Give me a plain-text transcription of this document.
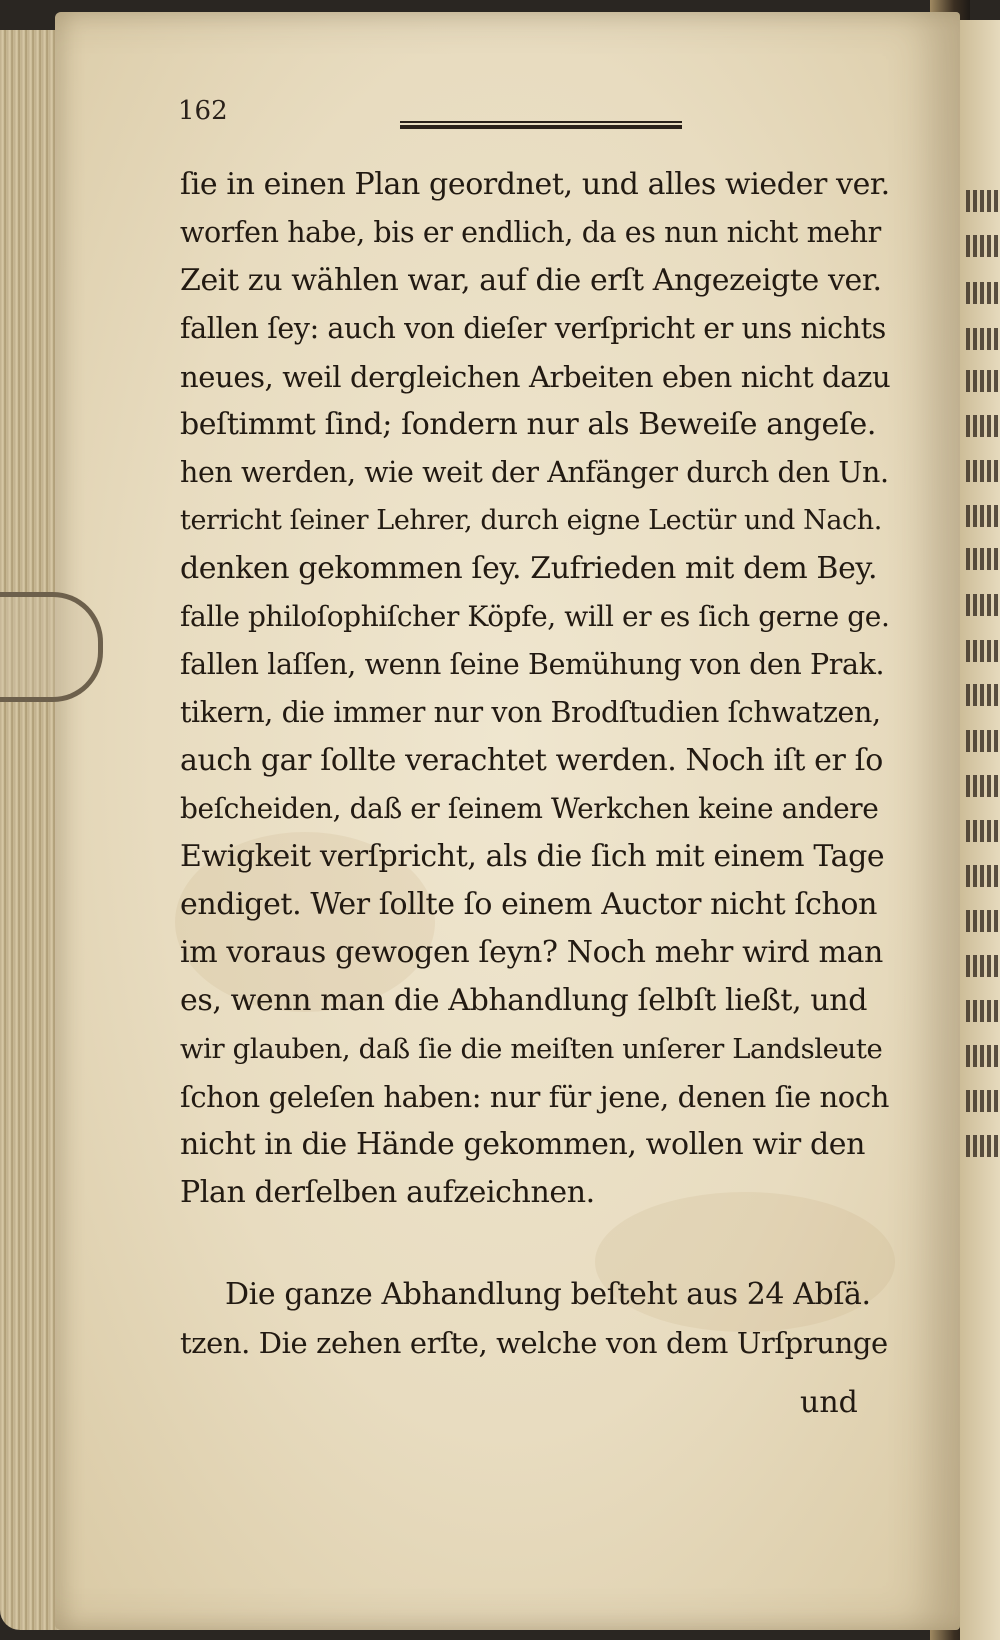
162
ſie in einen Plan geordnet, und alles wieder ver.
worfen habe, bis er endlich, da es nun nicht mehr
Zeit zu wählen war, auf die erſt Angezeigte ver.
fallen ſey: auch von dieſer verſpricht er uns nichts
neues, weil dergleichen Arbeiten eben nicht dazu
beſtimmt ſind; ſondern nur als Beweiſe angeſe.
hen werden, wie weit der Anfänger durch den Un.
terricht ſeiner Lehrer, durch eigne Lectür und Nach.
denken gekommen ſey. Zufrieden mit dem Bey.
falle philoſophiſcher Köpfe, will er es ſich gerne ge.
fallen laſſen, wenn ſeine Bemühung von den Prak.
tikern, die immer nur von Brodſtudien ſchwatzen,
auch gar ſollte verachtet werden. Noch iſt er ſo
beſcheiden, daß er ſeinem Werkchen keine andere
Ewigkeit verſpricht, als die ſich mit einem Tage
endiget. Wer ſollte ſo einem Auctor nicht ſchon
im voraus gewogen ſeyn? Noch mehr wird man
es, wenn man die Abhandlung ſelbſt ließt, und
wir glauben, daß ſie die meiſten unſerer Landsleute
ſchon geleſen haben: nur für jene, denen ſie noch
nicht in die Hände gekommen, wollen wir den
Plan derſelben aufzeichnen.
Die ganze Abhandlung beſteht aus 24 Abſä.
tzen. Die zehen erſte, welche von dem Urſprunge
und
